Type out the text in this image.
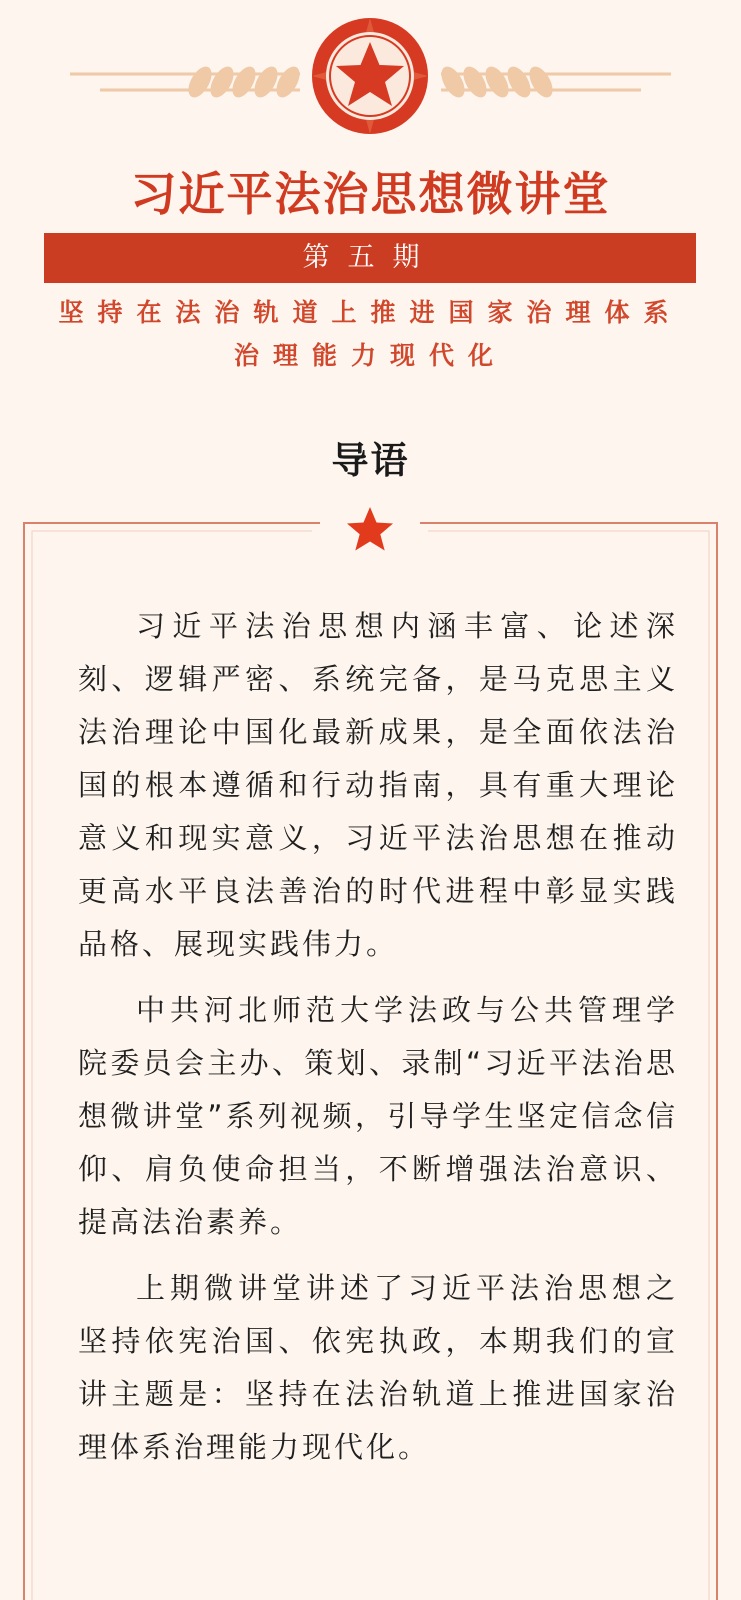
习近平法治思想微讲堂
第五期
坚持在法治轨道上推进国家治理体系
治理能力现代化
导语

习近平法治思想内涵丰富、论述深刻、逻辑严密、系统完备，是马克思主义法治理论中国化最新成果，是全面依法治国的根本遵循和行动指南，具有重大理论意义和现实意义，习近平法治思想在推动更高水平良法善治的时代进程中彰显实践品格、展现实践伟力。

中共河北师范大学法政与公共管理学院委员会主办、策划、录制“习近平法治思想微讲堂”系列视频，引导学生坚定信念信仰、肩负使命担当，不断增强法治意识、提高法治素养。

上期微讲堂讲述了习近平法治思想之坚持依宪治国、依宪执政，本期我们的宣讲主题是：坚持在法治轨道上推进国家治理体系治理能力现代化。
